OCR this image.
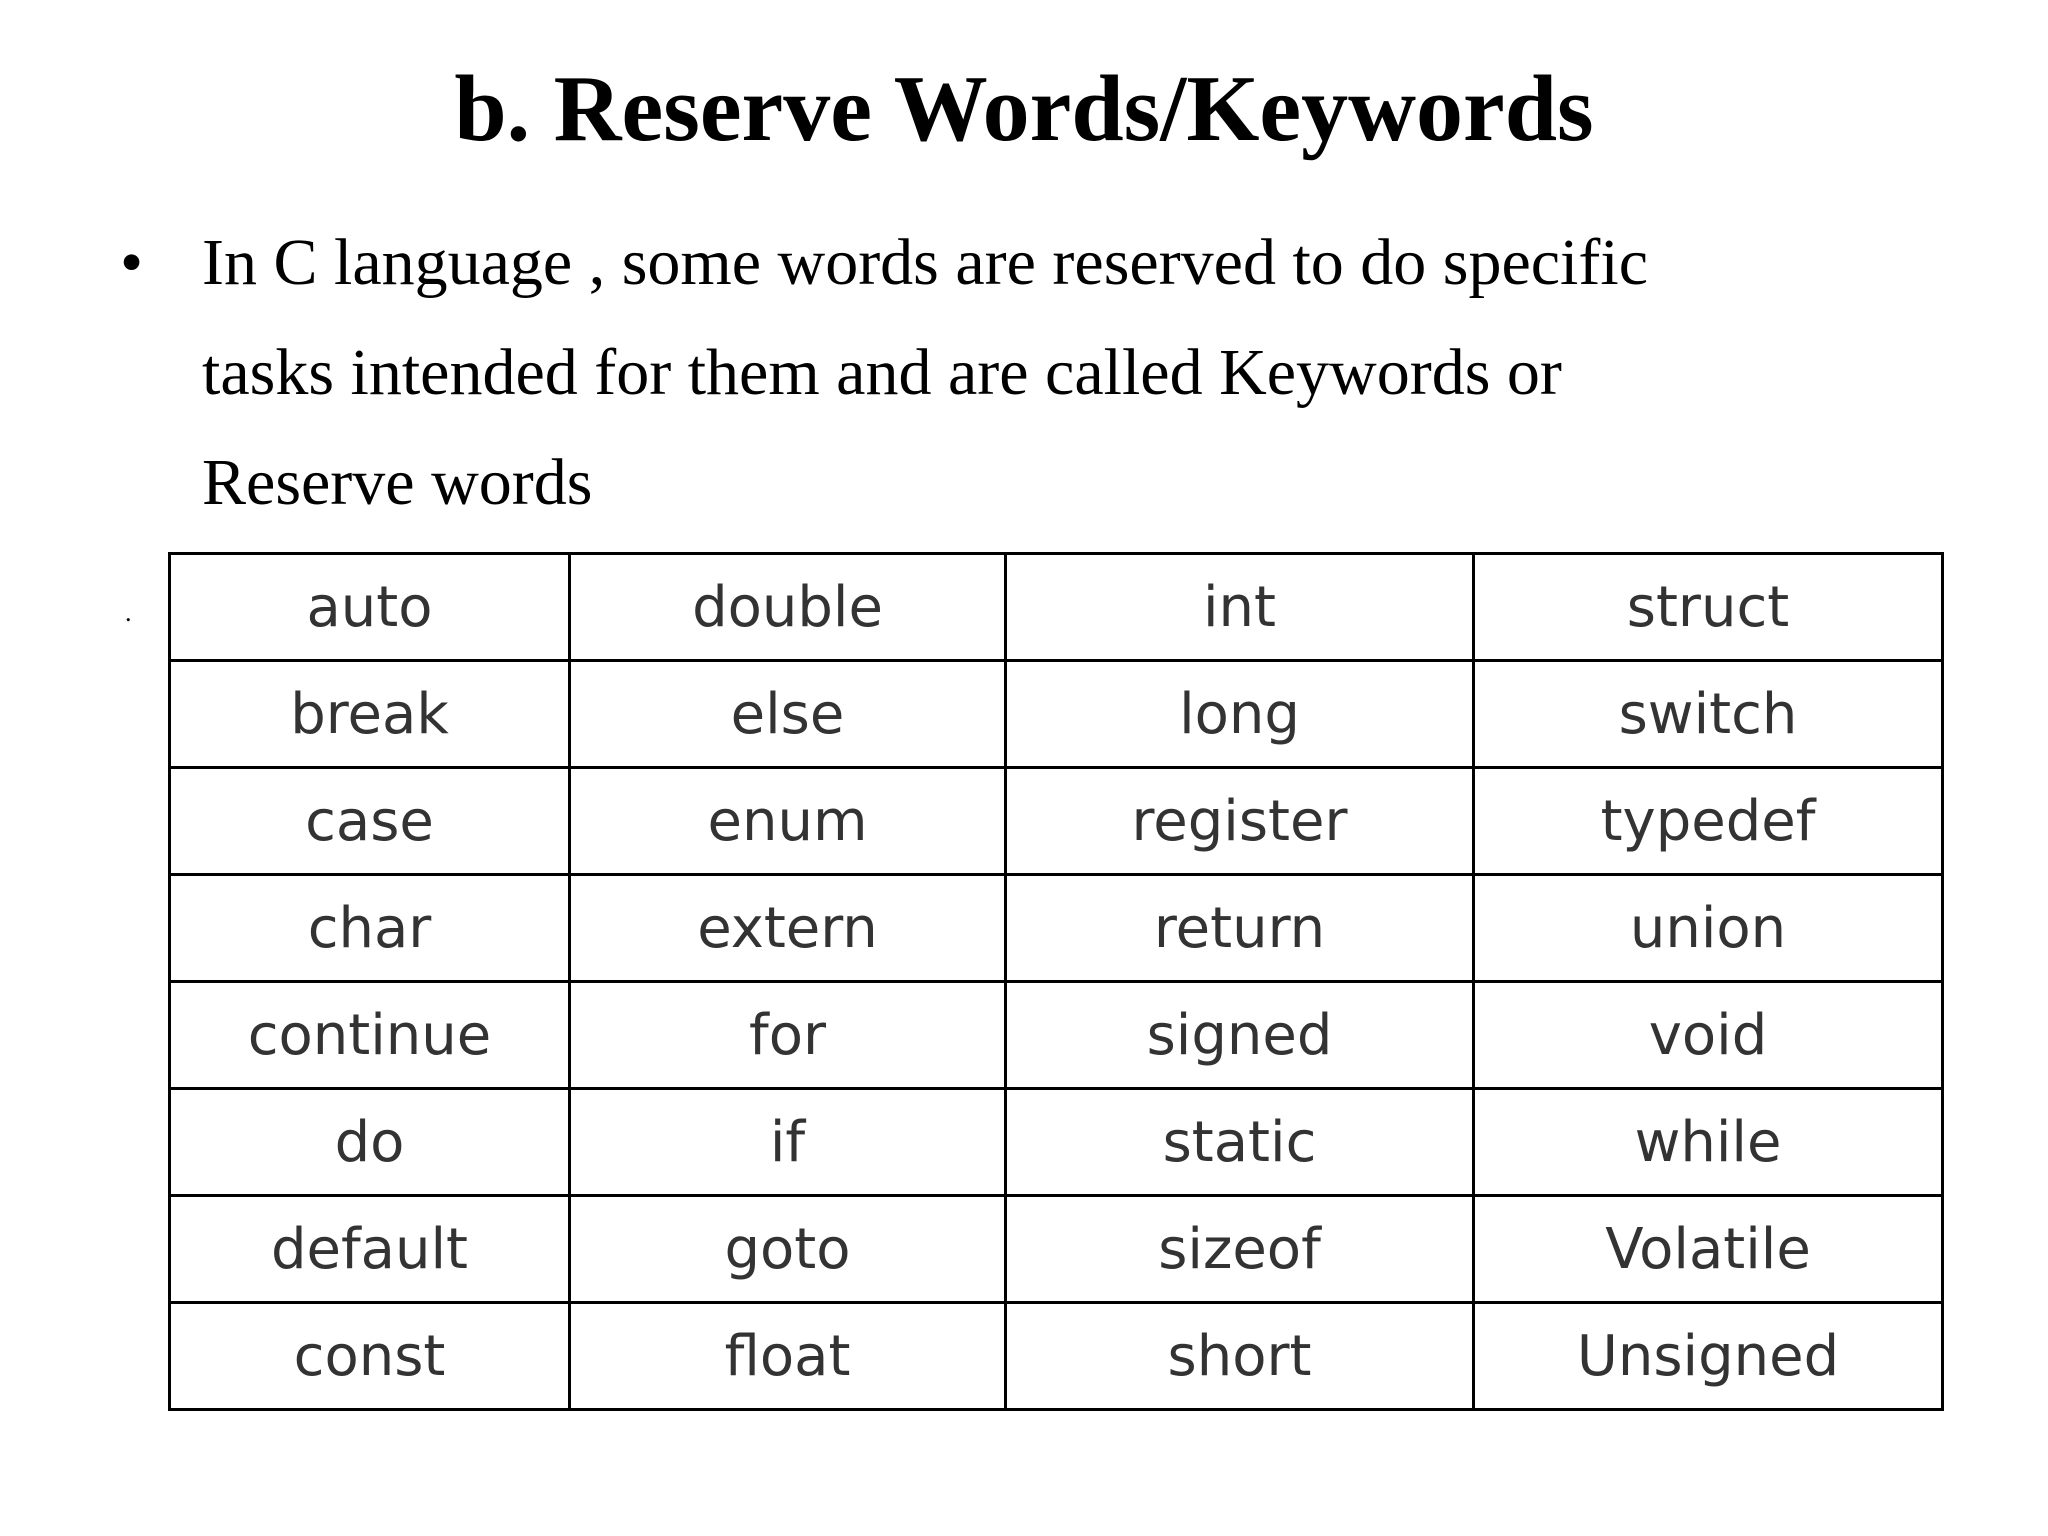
b. Reserve Words/Keywords
• In C language , some words are reserved to do specific
tasks intended for them and are called Keywords or
Reserve words
.	auto	double	int	struct
break	else	long	switch
case	enum	register	typedef
char	extern	return	union
continue	for	signed	void
do	if	static	while
default	goto	sizeof	Volatile
const	float	short	Unsigned
